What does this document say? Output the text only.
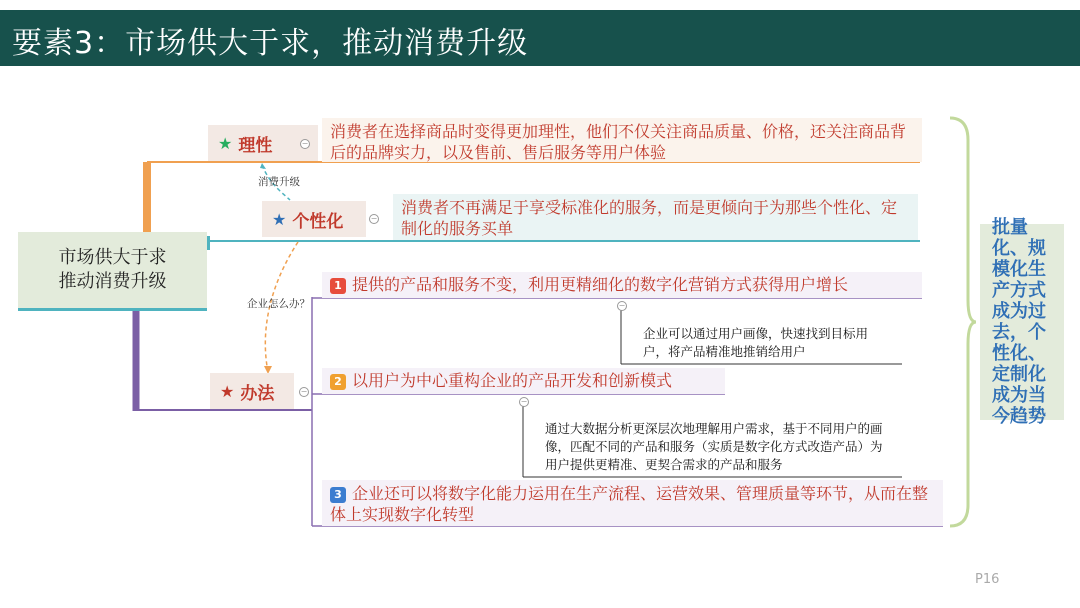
要素3：市场供大于求，推动消费升级
市场供大于求
推动消费升级
★ 理性	−
消费者在选择商品时变得更加理性，他们不仅关注商品质量、价格，还关注商品背后的品牌实力，以及售前、售后服务等用户体验
消费升级
★ 个性化	−
消费者不再满足于享受标准化的服务，而是更倾向于为那些个性化、定制化的服务买单
企业怎么办？
★ 办法	−
1 提供的产品和服务不变，利用更精细化的数字化营销方式获得用户增长
−
企业可以通过用户画像，快速找到目标用户，将产品精准地推销给用户
2 以用户为中心重构企业的产品开发和创新模式
−
通过大数据分析更深层次地理解用户需求，基于不同用户的画像，匹配不同的产品和服务（实质是数字化方式改造产品）为用户提供更精准、更契合需求的产品和服务
3 企业还可以将数字化能力运用在生产流程、运营效果、管理质量等环节，从而在整体上实现数字化转型
批量化、规模化生产方式成为过去，个性化、定制化成为当今趋势
P16
